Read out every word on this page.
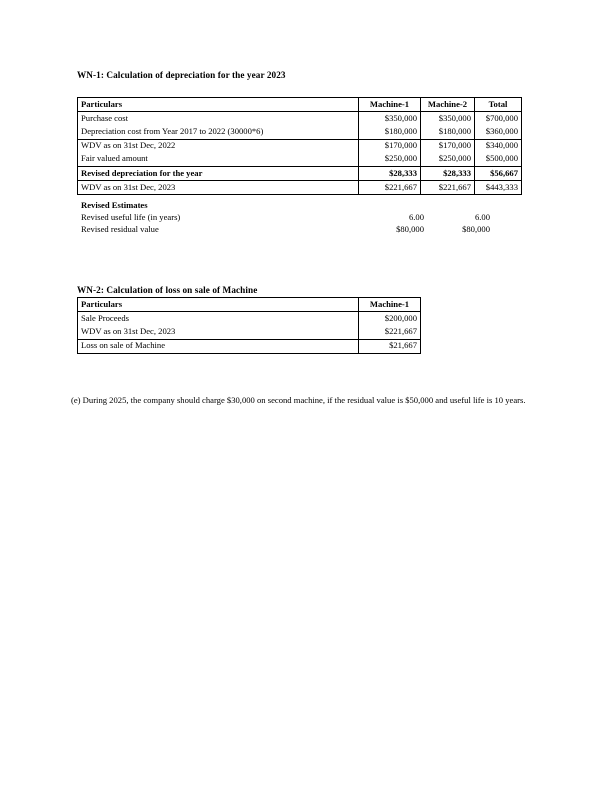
WN-1: Calculation of depreciation for the year 2023
Particulars	Machine-1	Machine-2	Total
Purchase cost	$350,000	$350,000	$700,000
Depreciation cost from Year 2017 to 2022 (30000*6)	$180,000	$180,000	$360,000
WDV as on 31st Dec, 2022	$170,000	$170,000	$340,000
Fair valued amount	$250,000	$250,000	$500,000
Revised depreciation for the year	$28,333	$28,333	$56,667
WDV as on 31st Dec, 2023	$221,667	$221,667	$443,333
Revised Estimates
Revised useful life (in years)	6.00	6.00
Revised residual value	$80,000	$80,000
WN-2: Calculation of loss on sale of Machine
Particulars	Machine-1
Sale Proceeds	$200,000
WDV as on 31st Dec, 2023	$221,667
Loss on sale of Machine	$21,667
(e) During 2025, the company should charge $30,000 on second machine, if the residual value is $50,000 and useful life is 10 years.
